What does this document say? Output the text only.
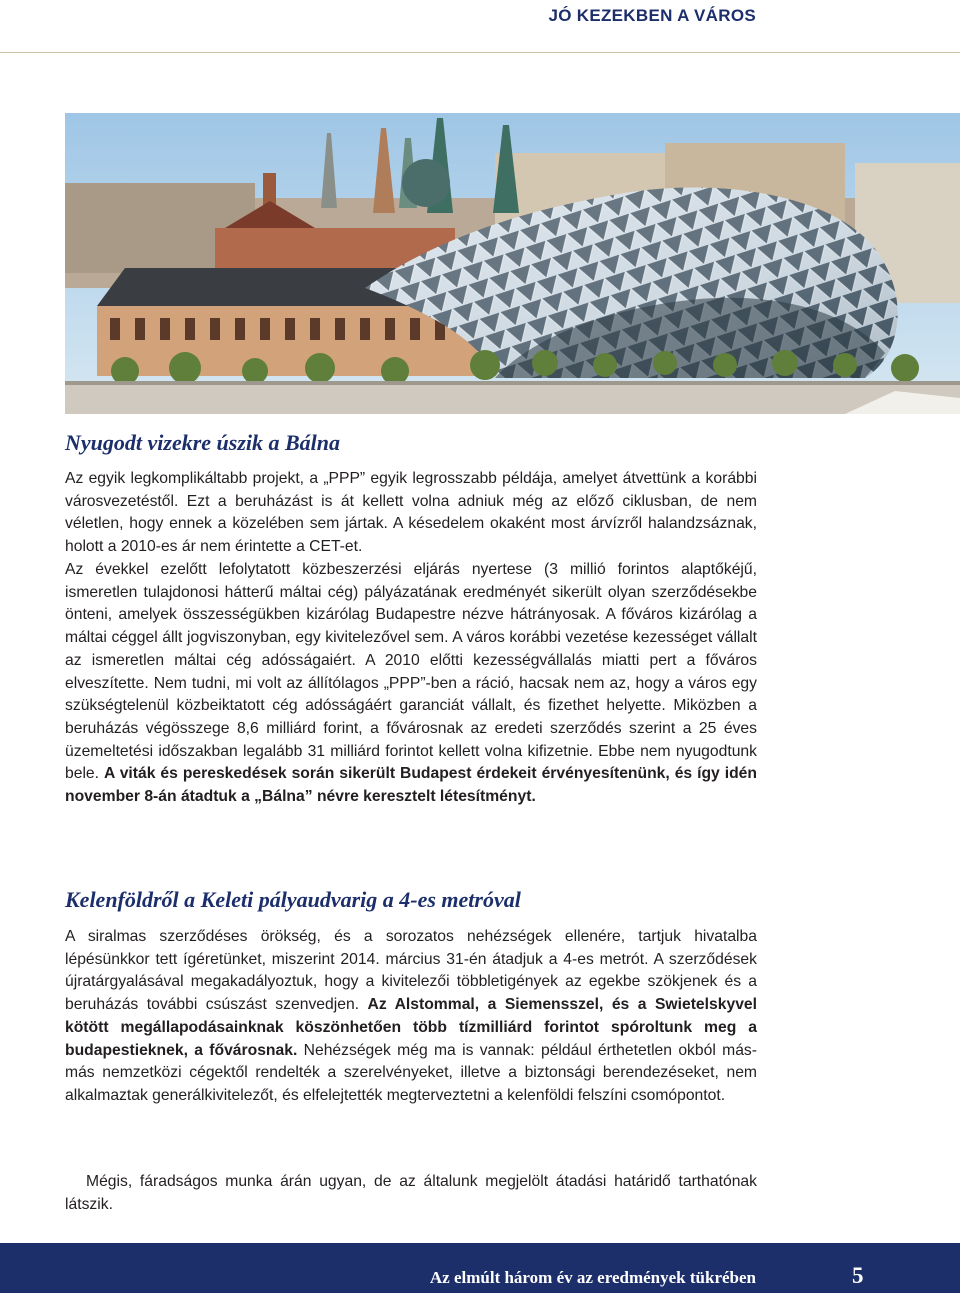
JÓ KEZEKBEN A VÁROS
Nyugodt vizekre úszik a Bálna

Az egyik legkomplikáltabb projekt, a „PPP” egyik legrosszabb példája, amelyet átvettünk a korábbi városvezetéstől. Ezt a beruházást is át kellett volna adniuk még az előző ciklusban, de nem véletlen, hogy ennek a közelében sem jártak. A késedelem okaként most árvízről halandzsáznak, holott a 2010-es ár nem érintette a CET-et.

Az évekkel ezelőtt lefolytatott közbeszerzési eljárás nyertese (3 millió forintos alaptőkéjű, ismeretlen tulajdonosi hátterű máltai cég) pályázatának eredményét sikerült olyan szerződésekbe önteni, amelyek összességükben kizárólag Budapestre nézve hátrányosak. A főváros kizárólag a máltai céggel állt jogviszonyban, egy kivitelezővel sem. A város korábbi vezetése kezességet vállalt az ismeretlen máltai cég adósságaiért. A 2010 előtti kezességvállalás miatti pert a főváros elveszítette. Nem tudni, mi volt az állítólagos „PPP”-ben a ráció, hacsak nem az, hogy a város egy szükségtelenül közbeiktatott cég adósságáért garanciát vállalt, és fizethet helyette. Miközben a beruházás végösszege 8,6 milliárd forint, a fővárosnak az eredeti szerződés szerint a 25 éves üzemeltetési időszakban legalább 31 milliárd forintot kellett volna kifizetnie. Ebbe nem nyugodtunk bele. A viták és pereskedések során sikerült Budapest érdekeit érvényesítenünk, és így idén november 8-án átadtuk a „Bálna” névre keresztelt létesítményt.

Kelenföldről a Keleti pályaudvarig a 4-es metróval

A siralmas szerződéses örökség, és a sorozatos nehézségek ellenére, tartjuk hivatalba lépésünkkor tett ígéretünket, miszerint 2014. március 31-én átadjuk a 4-es metrót. A szerződések újratárgyalásával megakadályoztuk, hogy a kivitelezői többletigények az egekbe szökjenek és a beruházás további csúszást szenvedjen. Az Alstommal, a Siemensszel, és a Swietelskyvel kötött megállapodásainknak köszönhetően több tízmilliárd forintot spóroltunk meg a budapestieknek, a fővárosnak. Nehézségek még ma is vannak: például érthetetlen okból más-más nemzetközi cégektől rendelték a szerelvényeket, illetve a biztonsági berendezéseket, nem alkalmaztak generálkivitelezőt, és elfelejtették megterveztetni a kelenföldi felszíni csomópontot.

Mégis, fáradságos munka árán ugyan, de az általunk megjelölt átadási határidő tarthatónak látszik.

Az elmúlt három év az eredmények tükrében	5
